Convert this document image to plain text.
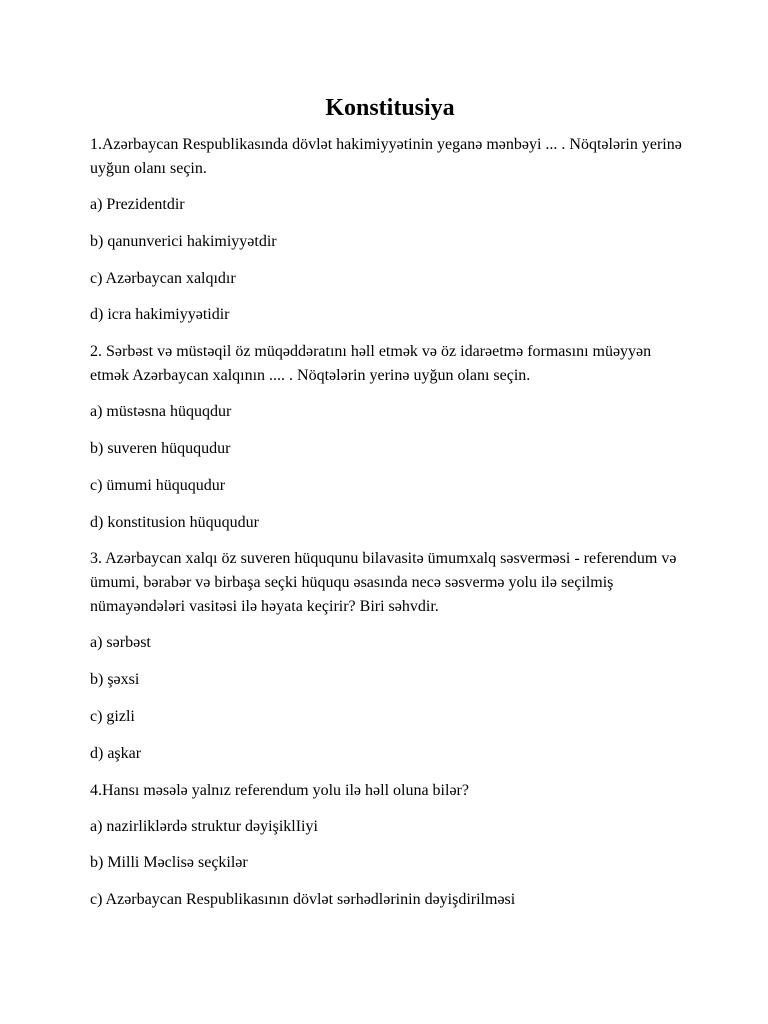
Konstitusiya
1.Azərbaycan Respublikasında dövlət hakimiyyətinin yeganə mənbəyi ... . Nöqtələrin yerinə uyğun olanı seçin.
a) Prezidentdir
b) qanunverici hakimiyyətdir
c) Azərbaycan xalqıdır
d) icra hakimiyyətidir
2. Sərbəst və müstəqil öz müqəddəratını həll etmək və öz idarəetmə formasını müəyyən etmək Azərbaycan xalqının .... . Nöqtələrin yerinə uyğun olanı seçin.
a) müstəsna hüquqdur
b) suveren hüququdur
c) ümumi hüququdur
d) konstitusion hüququdur
3. Azərbaycan xalqı öz suveren hüququnu bilavasitə ümumxalq səsverməsi - referendum və ümumi, bərabər və birbaşa seçki hüququ əsasında necə səsvermə yolu ilə seçilmiş nümayəndələri vasitəsi ilə həyata keçirir? Biri səhvdir.
a) sərbəst
b) şəxsi
c) gizli
d) aşkar
4.Hansı məsələ yalnız referendum yolu ilə həll oluna bilər?
a) nazirliklərdə struktur dəyişiklIiyi
b) Milli Məclisə seçkilər
c) Azərbaycan Respublikasının dövlət sərhədlərinin dəyişdirilməsi
